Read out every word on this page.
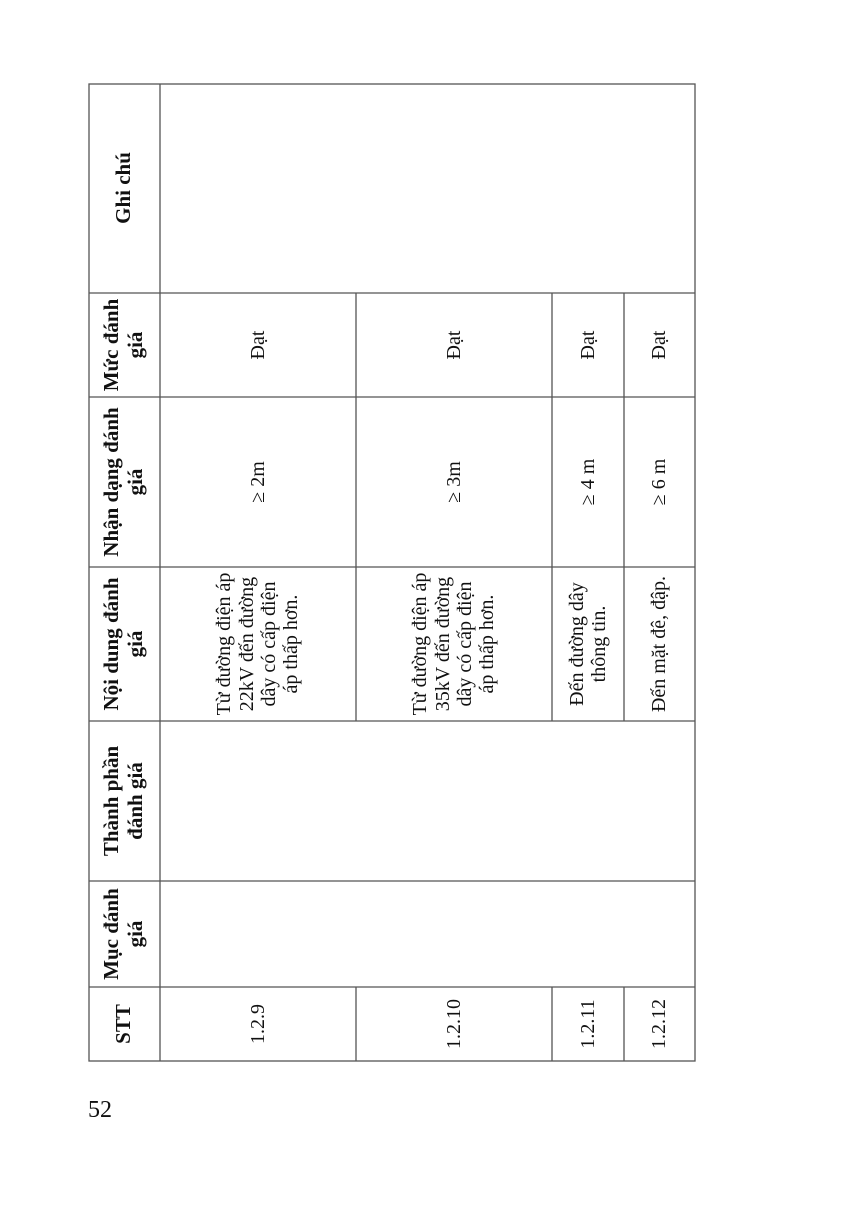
Ghi chú
Mức đánh giá
Nhận dạng đánh giá
Nội dung đánh giá
Thành phần đánh giá
Mục đánh giá
STT
Đạt
≥ 2m
Từ đường điện áp 22kV đến đường dây có cấp điện áp thấp hơn.
1.2.9
Đạt
≥ 3m
Từ đường điện áp 35kV đến đường dây có cấp điện áp thấp hơn.
1.2.10
Đạt
≥ 4 m
Đến đường dây thông tin.
1.2.11
Đạt
≥ 6 m
Đến mặt đê, đập.
1.2.12
52
